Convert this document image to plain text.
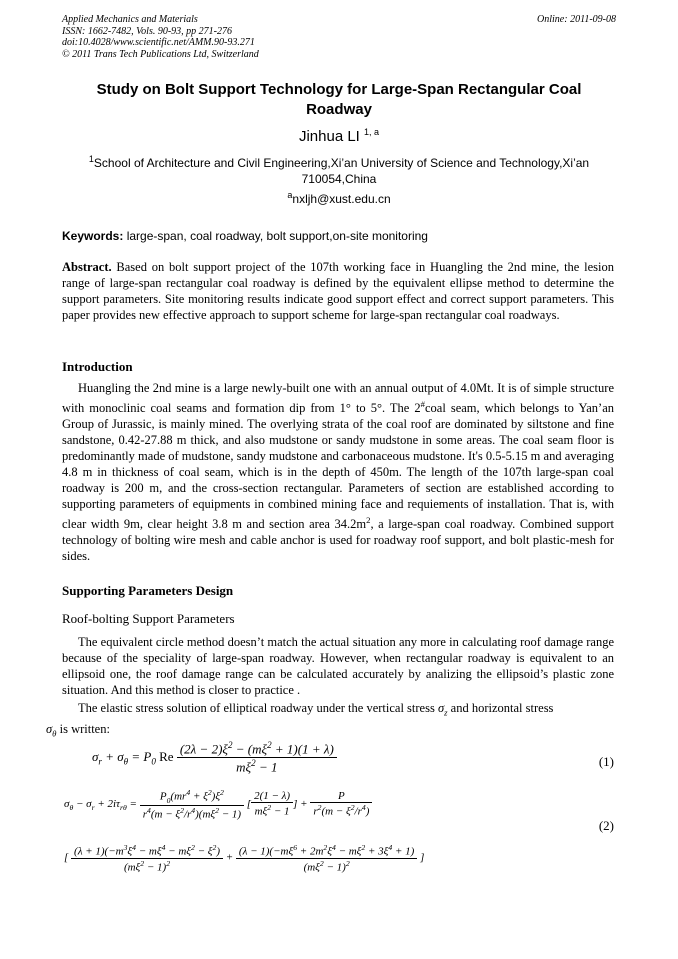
Applied Mechanics and Materials
ISSN: 1662-7482, Vols. 90-93, pp 271-276
doi:10.4028/www.scientific.net/AMM.90-93.271
© 2011 Trans Tech Publications Ltd, Switzerland
Online: 2011-09-08
Study on Bolt Support Technology for Large-Span Rectangular Coal Roadway
Jinhua LI $^{1, a}$
$^1$School of Architecture and Civil Engineering,Xi’an University of Science and Technology,Xi’an 710054,China
$^a$nxljh@xust.edu.cn
Keywords: large-span, coal roadway, bolt support,on-site monitoring
Abstract. Based on bolt support project of the 107th working face in Huangling the 2nd mine, the lesion range of large-span rectangular coal roadway is defined by the equivalent ellipse method to determine the support parameters. Site monitoring results indicate good support effect and correct support parameters. This paper provides new effective approach to support scheme for large-span rectangular coal roadways.
Introduction
Huangling the 2nd mine is a large newly-built one with an annual output of 4.0Mt. It is of simple structure with monoclinic coal seams and formation dip from 1° to 5°. The 2#coal seam, which belongs to Yan’an Group of Jurassic, is mainly mined. The overlying strata of the coal roof are dominated by siltstone and fine sandstone, 0.42-27.88 m thick, and also mudstone or sandy mudstone in some areas. The coal seam floor is predominantly made of mudstone, sandy mudstone and carbonaceous mudstone. It's 0.5-5.15 m and averaging 4.8 m in thickness of coal seam, which is in the depth of 450m. The length of the 107th large-span coal roadway is 200 m, and the cross-section rectangular. Parameters of section are established according to supporting parameters of equipments in combined mining face and requiements of installation. That is, with clear width 9m, clear height 3.8 m and section area $34.2m^2$, a large-span coal roadway. Combined support technology of bolting wire mesh and cable anchor is used for roadway roof support, and bolt plastic-mesh for sides.
Supporting Parameters Design
Roof-bolting Support Parameters
The equivalent circle method doesn’t match the actual situation any more in calculating roof damage range because of the speciality of large-span roadway. However, when rectangular roadway is equivalent to an ellipsoid one, the roof damage range can be calculated accurately by analizing the ellipsoid’s plastic zone situation. And this method is closer to practice .
The elastic stress solution of elliptical roadway under the vertical stress $\sigma_z$ and horizontal stress
$\sigma_\theta$ is written:
$\sigma_r + \sigma_\theta = P_0$ Re $\frac{(2\lambda - 2)\xi^2 - (m\xi^2 + 1)(1 + \lambda)}{m\xi^2 - 1}$	(1)
$\sigma_\theta - \sigma_r + 2i\tau_{r\theta} = \frac{P_0(mr^4 + \xi^2)\xi^2}{r^4(m - \xi^2/r^4)(m\xi^2 - 1)}$ [ $\frac{2(1 - \lambda)}{m\xi^2 - 1}$ ] + $\frac{P}{r^2(m - \xi^2/r^4)}$
(2)
[ $\frac{(\lambda + 1)(-m^3\xi^4 - m\xi^4 - m\xi^2 - \xi^2)}{(m\xi^2 - 1)^2} + \frac{(\lambda - 1)(-m\xi^6 + 2m^2\xi^4 - m\xi^2 + 3\xi^4 + 1)}{(m\xi^2 - 1)^2}$ ]
